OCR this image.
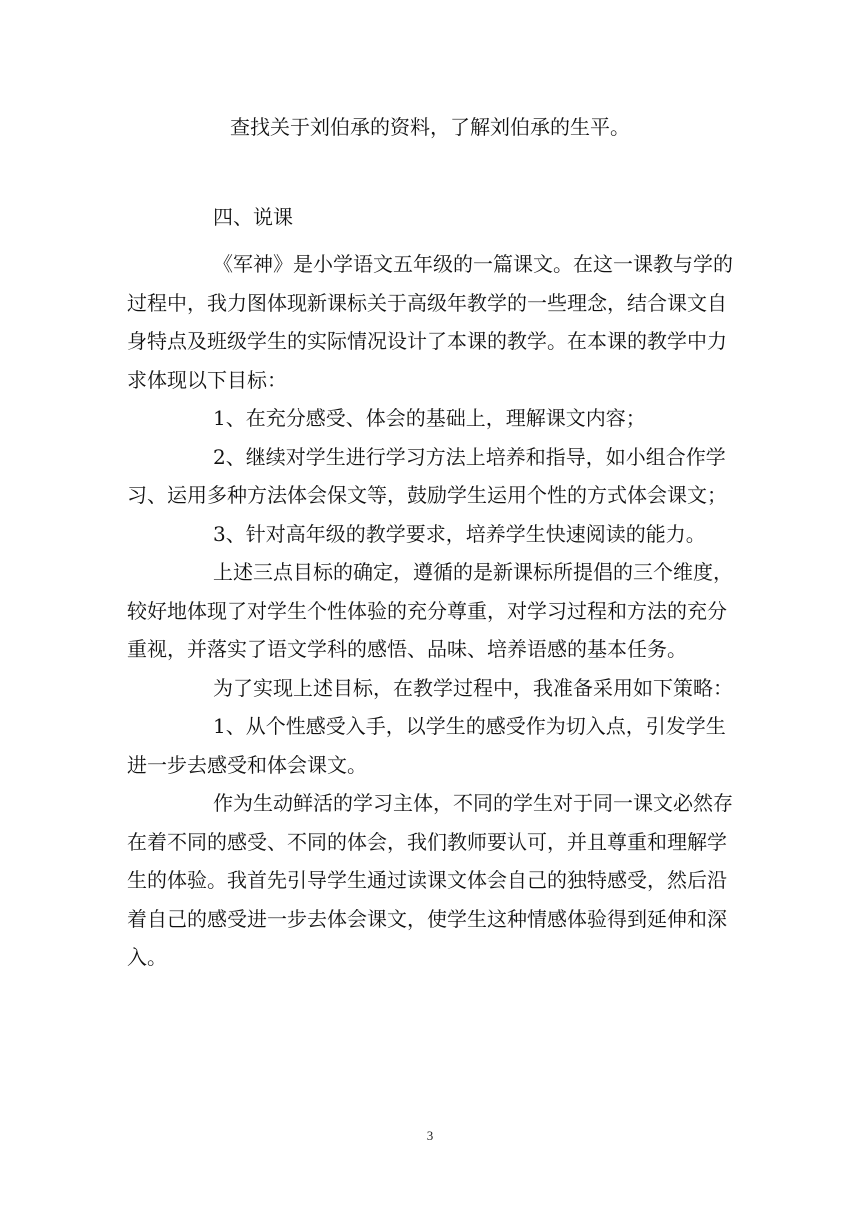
查找关于刘伯承的资料，了解刘伯承的生平。
四、说课
《军神》是小学语文五年级的一篇课文。在这一课教与学的
过程中，我力图体现新课标关于高级年教学的一些理念，结合课文自
身特点及班级学生的实际情况设计了本课的教学。在本课的教学中力
求体现以下目标：
1、在充分感受、体会的基础上，理解课文内容；
2、继续对学生进行学习方法上培养和指导，如小组合作学
习、运用多种方法体会保文等，鼓励学生运用个性的方式体会课文；
3、针对高年级的教学要求，培养学生快速阅读的能力。
上述三点目标的确定，遵循的是新课标所提倡的三个维度，
较好地体现了对学生个性体验的充分尊重，对学习过程和方法的充分
重视，并落实了语文学科的感悟、品味、培养语感的基本任务。
为了实现上述目标，在教学过程中，我准备采用如下策略：
1、从个性感受入手，以学生的感受作为切入点，引发学生
进一步去感受和体会课文。
作为生动鲜活的学习主体，不同的学生对于同一课文必然存
在着不同的感受、不同的体会，我们教师要认可，并且尊重和理解学
生的体验。我首先引导学生通过读课文体会自己的独特感受，然后沿
着自己的感受进一步去体会课文，使学生这种情感体验得到延伸和深
入。
3
